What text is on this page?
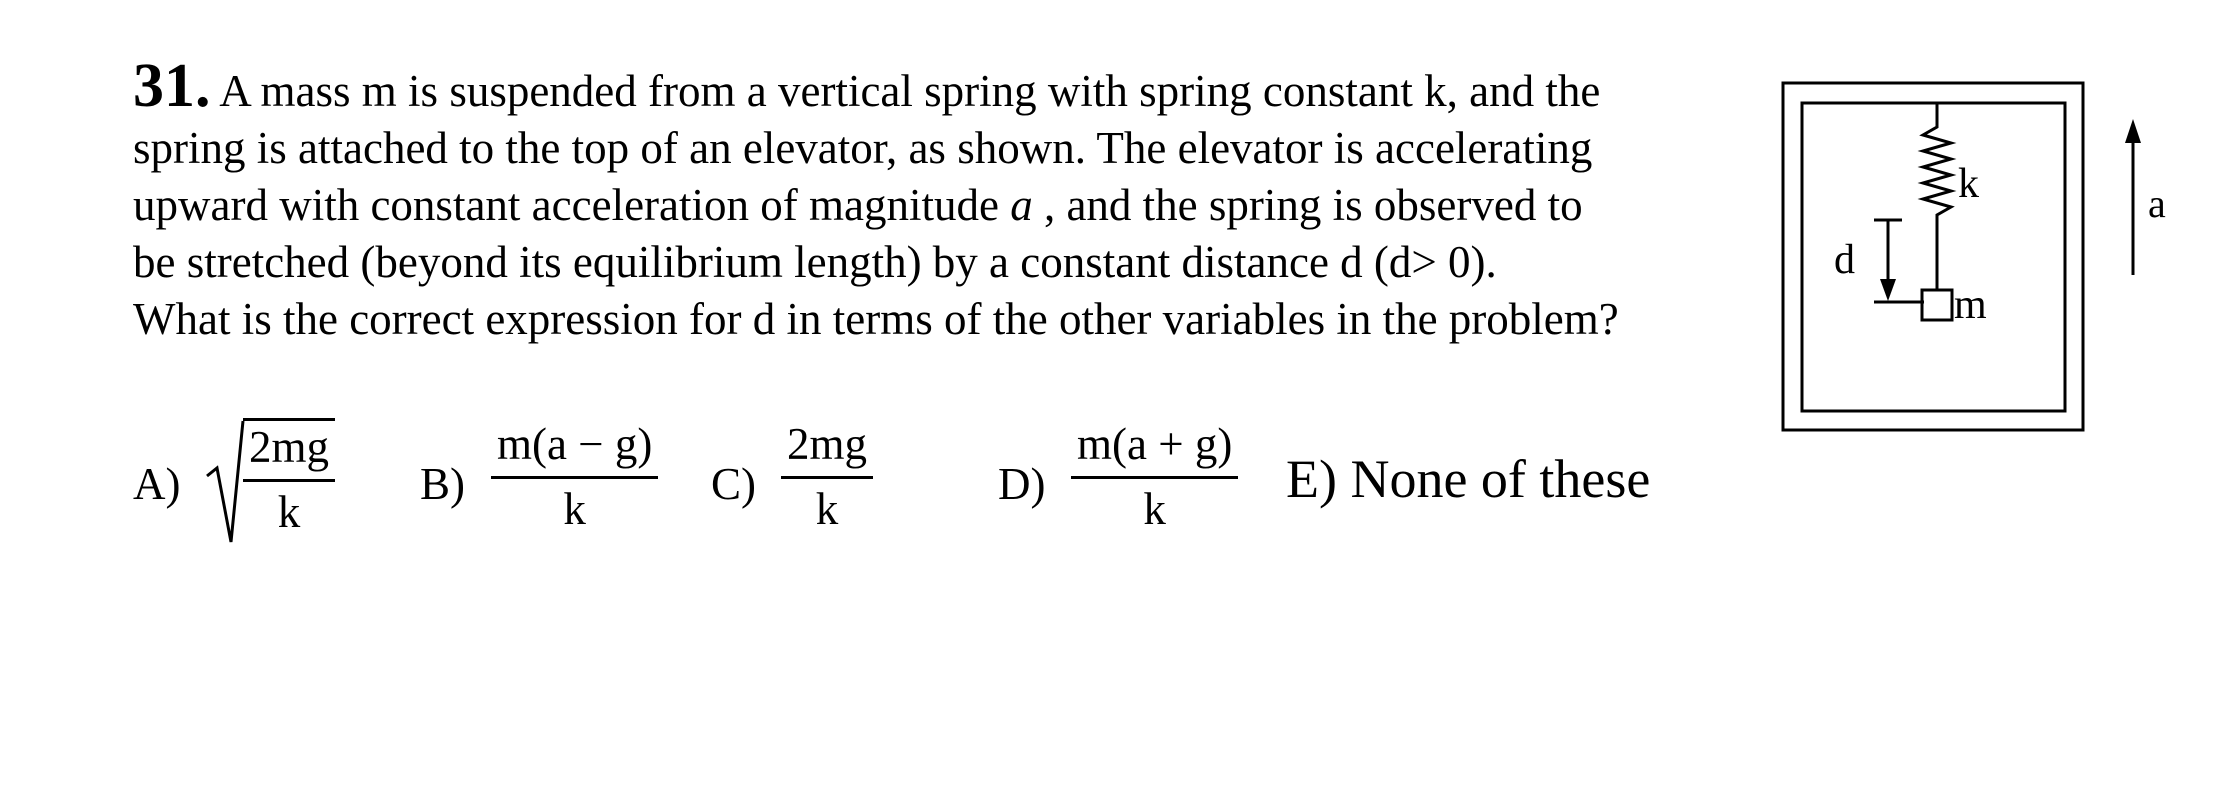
31. A mass m is suspended from a vertical spring with spring constant k, and the
spring is attached to the top of an elevator, as shown. The elevator is accelerating
upward with constant acceleration of magnitude a , and the spring is observed to
be stretched (beyond its equilibrium length) by a constant distance d (d> 0).
What is the correct expression for d in terms of the other variables in the problem?
$A) \frac{2mg}{k} B) \frac{m(a - g)}{k} C) \frac{2mg}{k}$	$D) \frac{m(a + g)}{k} E$) None of these
k
m
d
a
